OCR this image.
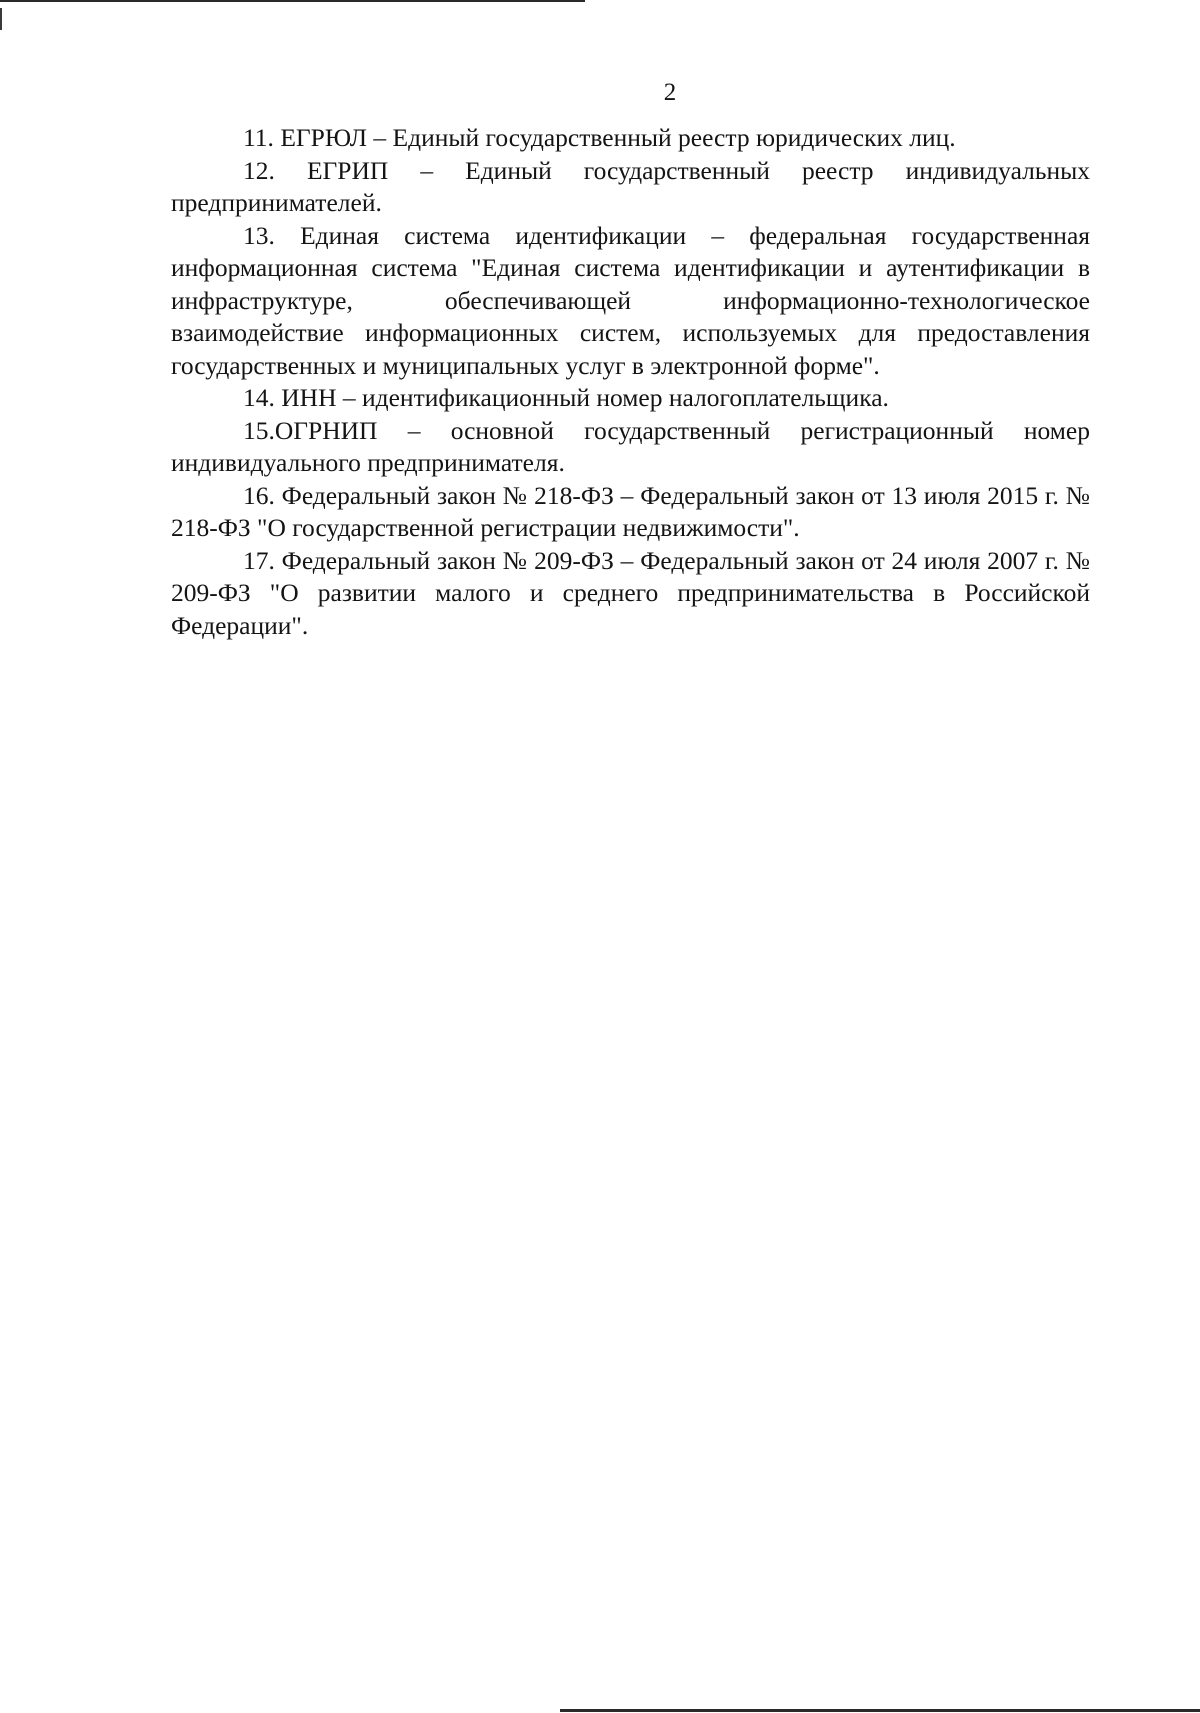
2

11. ЕГРЮЛ – Единый государственный реестр юридических лиц.

12. ЕГРИП – Единый государственный реестр индивидуальных предпринимателей.

13. Единая система идентификации – федеральная государственная информационная система "Единая система идентификации и аутентификации в инфраструктуре, обеспечивающей информационно-технологическое взаимодействие информационных систем, используемых для предоставления государственных и муниципальных услуг в электронной форме".

14. ИНН – идентификационный номер налогоплательщика.

15.ОГРНИП – основной государственный регистрационный номер индивидуального предпринимателя.

16. Федеральный закон № 218-ФЗ – Федеральный закон от 13 июля 2015 г. № 218-ФЗ "О государственной регистрации недвижимости".

17. Федеральный закон № 209-ФЗ – Федеральный закон от 24 июля 2007 г. № 209-ФЗ "О развитии малого и среднего предпринимательства в Российской Федерации".
